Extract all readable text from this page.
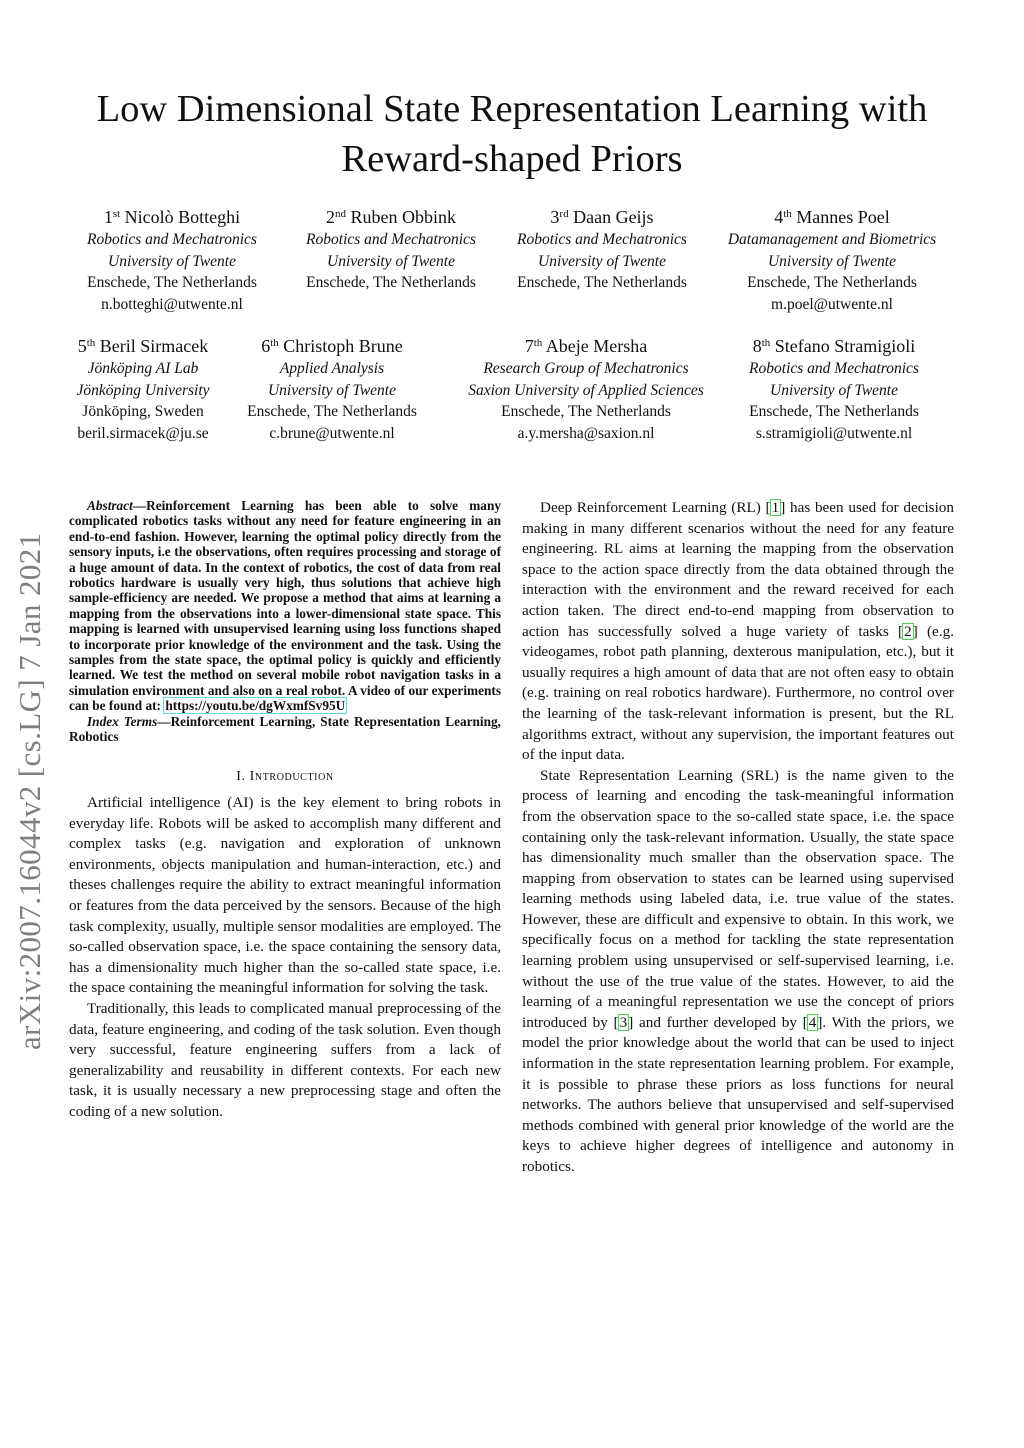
arXiv:2007.16044v2 [cs.LG] 7 Jan 2021
Low Dimensional State Representation Learning with Reward-shaped Priors
1st Nicolò Botteghi
Robotics and Mechatronics
University of Twente
Enschede, The Netherlands
n.botteghi@utwente.nl
2nd Ruben Obbink
Robotics and Mechatronics
University of Twente
Enschede, The Netherlands
3rd Daan Geijs
Robotics and Mechatronics
University of Twente
Enschede, The Netherlands
4th Mannes Poel
Datamanagement and Biometrics
University of Twente
Enschede, The Netherlands
m.poel@utwente.nl
5th Beril Sirmacek
Jönköping AI Lab
Jönköping University
Jönköping, Sweden
beril.sirmacek@ju.se
6th Christoph Brune
Applied Analysis
University of Twente
Enschede, The Netherlands
c.brune@utwente.nl
7th Abeje Mersha
Research Group of Mechatronics
Saxion University of Applied Sciences
Enschede, The Netherlands
a.y.mersha@saxion.nl
8th Stefano Stramigioli
Robotics and Mechatronics
University of Twente
Enschede, The Netherlands
s.stramigioli@utwente.nl

Abstract—Reinforcement Learning has been able to solve many complicated robotics tasks without any need for feature engineering in an end-to-end fashion. However, learning the optimal policy directly from the sensory inputs, i.e the observations, often requires processing and storage of a huge amount of data. In the context of robotics, the cost of data from real robotics hardware is usually very high, thus solutions that achieve high sample-efficiency are needed. We propose a method that aims at learning a mapping from the observations into a lower-dimensional state space. This mapping is learned with unsupervised learning using loss functions shaped to incorporate prior knowledge of the environment and the task. Using the samples from the state space, the optimal policy is quickly and efficiently learned. We test the method on several mobile robot navigation tasks in a simulation environment and also on a real robot. A video of our experiments can be found at: https://youtu.be/dgWxmfSv95U

Index Terms—Reinforcement Learning, State Representation Learning, Robotics

I. Introduction

Artificial intelligence (AI) is the key element to bring robots in everyday life. Robots will be asked to accomplish many different and complex tasks (e.g. navigation and exploration of unknown environments, objects manipulation and human-interaction, etc.) and theses challenges require the ability to extract meaningful information or features from the data perceived by the sensors. Because of the high task complexity, usually, multiple sensor modalities are employed. The so-called observation space, i.e. the space containing the sensory data, has a dimensionality much higher than the so-called state space, i.e. the space containing the meaningful information for solving the task.

Traditionally, this leads to complicated manual preprocessing of the data, feature engineering, and coding of the task solution. Even though very successful, feature engineering suffers from a lack of generalizability and reusability in different contexts. For each new task, it is usually necessary a new preprocessing stage and often the coding of a new solution.

Deep Reinforcement Learning (RL) [1] has been used for decision making in many different scenarios without the need for any feature engineering. RL aims at learning the mapping from the observation space to the action space directly from the data obtained through the interaction with the environment and the reward received for each action taken. The direct end-to-end mapping from observation to action has successfully solved a huge variety of tasks [2] (e.g. videogames, robot path planning, dexterous manipulation, etc.), but it usually requires a high amount of data that are not often easy to obtain (e.g. training on real robotics hardware). Furthermore, no control over the learning of the task-relevant information is present, but the RL algorithms extract, without any supervision, the important features out of the input data.

State Representation Learning (SRL) is the name given to the process of learning and encoding the task-meaningful information from the observation space to the so-called state space, i.e. the space containing only the task-relevant information. Usually, the state space has dimensionality much smaller than the observation space. The mapping from observation to states can be learned using supervised learning methods using labeled data, i.e. true value of the states. However, these are difficult and expensive to obtain. In this work, we specifically focus on a method for tackling the state representation learning problem using unsupervised or self-supervised learning, i.e. without the use of the true value of the states. However, to aid the learning of a meaningful representation we use the concept of priors introduced by [3] and further developed by [4]. With the priors, we model the prior knowledge about the world that can be used to inject information in the state representation learning problem. For example, it is possible to phrase these priors as loss functions for neural networks. The authors believe that unsupervised and self-supervised methods combined with general prior knowledge of the world are the keys to achieve higher degrees of intelligence and autonomy in robotics.
